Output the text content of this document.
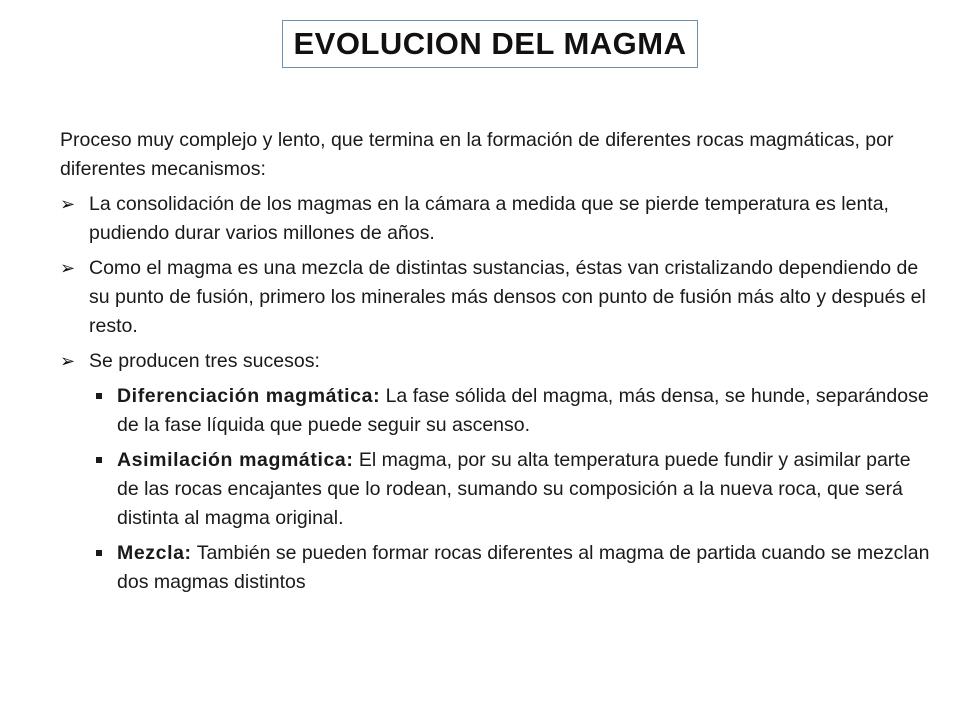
EVOLUCION DEL MAGMA

Proceso muy complejo y lento, que termina en la formación de diferentes rocas magmáticas, por diferentes mecanismos:

➢ La consolidación de los magmas en la cámara a medida que se pierde temperatura es lenta, pudiendo durar varios millones de años.
➢ Como el magma es una mezcla de distintas sustancias, éstas van cristalizando dependiendo de su punto de fusión, primero los minerales más densos con punto de fusión más alto y después el resto.
➢ Se producen tres sucesos:
Diferenciación magmática: La fase sólida del magma, más densa, se hunde, separándose de la fase líquida que puede seguir su ascenso.
Asimilación magmática: El magma, por su alta temperatura puede fundir y asimilar parte de las rocas encajantes que lo rodean, sumando su composición a la nueva roca, que será distinta al magma original.
Mezcla: También se pueden formar rocas diferentes al magma de partida cuando se mezclan dos magmas distintos
